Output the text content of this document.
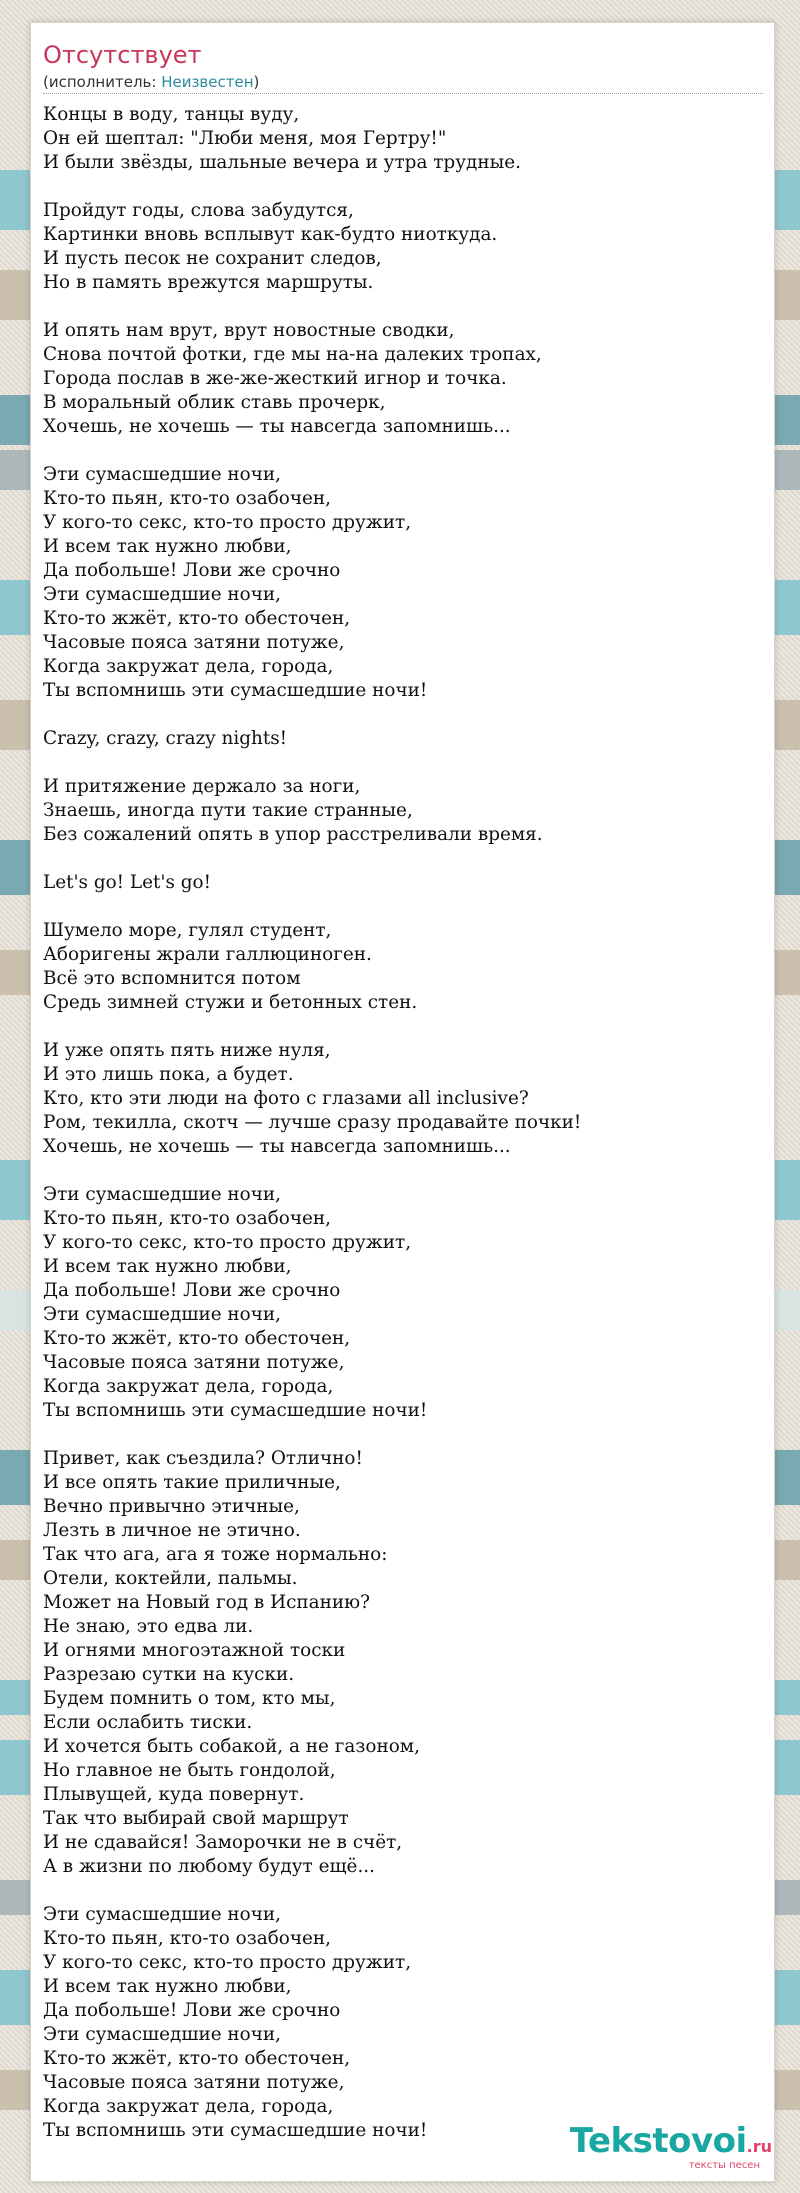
Отсутствует
(исполнитель: Неизвестен)
Концы в воду, танцы вуду,
Он ей шептал: "Люби меня, моя Гертру!"
И были звёзды, шальные вечера и утра трудные.
Пройдут годы, слова забудутся,
Картинки вновь всплывут как-будто ниоткуда.
И пусть песок не сохранит следов,
Но в память врежутся маршруты.
И опять нам врут, врут новостные сводки,
Снова почтой фотки, где мы на-на далеких тропах,
Города послав в же-же-жесткий игнор и точка.
В моральный облик ставь прочерк,
Хочешь, не хочешь — ты навсегда запомнишь...
Эти сумасшедшие ночи,
Кто-то пьян, кто-то озабочен,
У кого-то секс, кто-то просто дружит,
И всем так нужно любви,
Да побольше! Лови же срочно
Эти сумасшедшие ночи,
Кто-то жжёт, кто-то обесточен,
Часовые пояса затяни потуже,
Когда закружат дела, города,
Ты вспомнишь эти сумасшедшие ночи!
Crazy, crazy, crazy nights!
И притяжение держало за ноги,
Знаешь, иногда пути такие странные,
Без сожалений опять в упор расстреливали время.
Let's go! Let's go!
Шумело море, гулял студент,
Аборигены жрали галлюциноген.
Всё это вспомнится потом
Средь зимней стужи и бетонных стен.
И уже опять пять ниже нуля,
И это лишь пока, а будет.
Кто, кто эти люди на фото с глазами all inclusive?
Ром, текилла, скотч — лучше сразу продавайте почки!
Хочешь, не хочешь — ты навсегда запомнишь...
Эти сумасшедшие ночи,
Кто-то пьян, кто-то озабочен,
У кого-то секс, кто-то просто дружит,
И всем так нужно любви,
Да побольше! Лови же срочно
Эти сумасшедшие ночи,
Кто-то жжёт, кто-то обесточен,
Часовые пояса затяни потуже,
Когда закружат дела, города,
Ты вспомнишь эти сумасшедшие ночи!
Привет, как съездила? Отлично!
И все опять такие приличные,
Вечно привычно этичные,
Лезть в личное не этично.
Так что ага, ага я тоже нормально:
Отели, коктейли, пальмы.
Может на Новый год в Испанию?
Не знаю, это едва ли.
И огнями многоэтажной тоски
Разрезаю сутки на куски.
Будем помнить о том, кто мы,
Если ослабить тиски.
И хочется быть собакой, а не газоном,
Но главное не быть гондолой,
Плывущей, куда повернут.
Так что выбирай свой маршрут
И не сдавайся! Заморочки не в счёт,
А в жизни по любому будут ещё...
Эти сумасшедшие ночи,
Кто-то пьян, кто-то озабочен,
У кого-то секс, кто-то просто дружит,
И всем так нужно любви,
Да побольше! Лови же срочно
Эти сумасшедшие ночи,
Кто-то жжёт, кто-то обесточен,
Часовые пояса затяни потуже,
Когда закружат дела, города,
Ты вспомнишь эти сумасшедшие ночи!	Tekstovoi.ru
тексты песен
